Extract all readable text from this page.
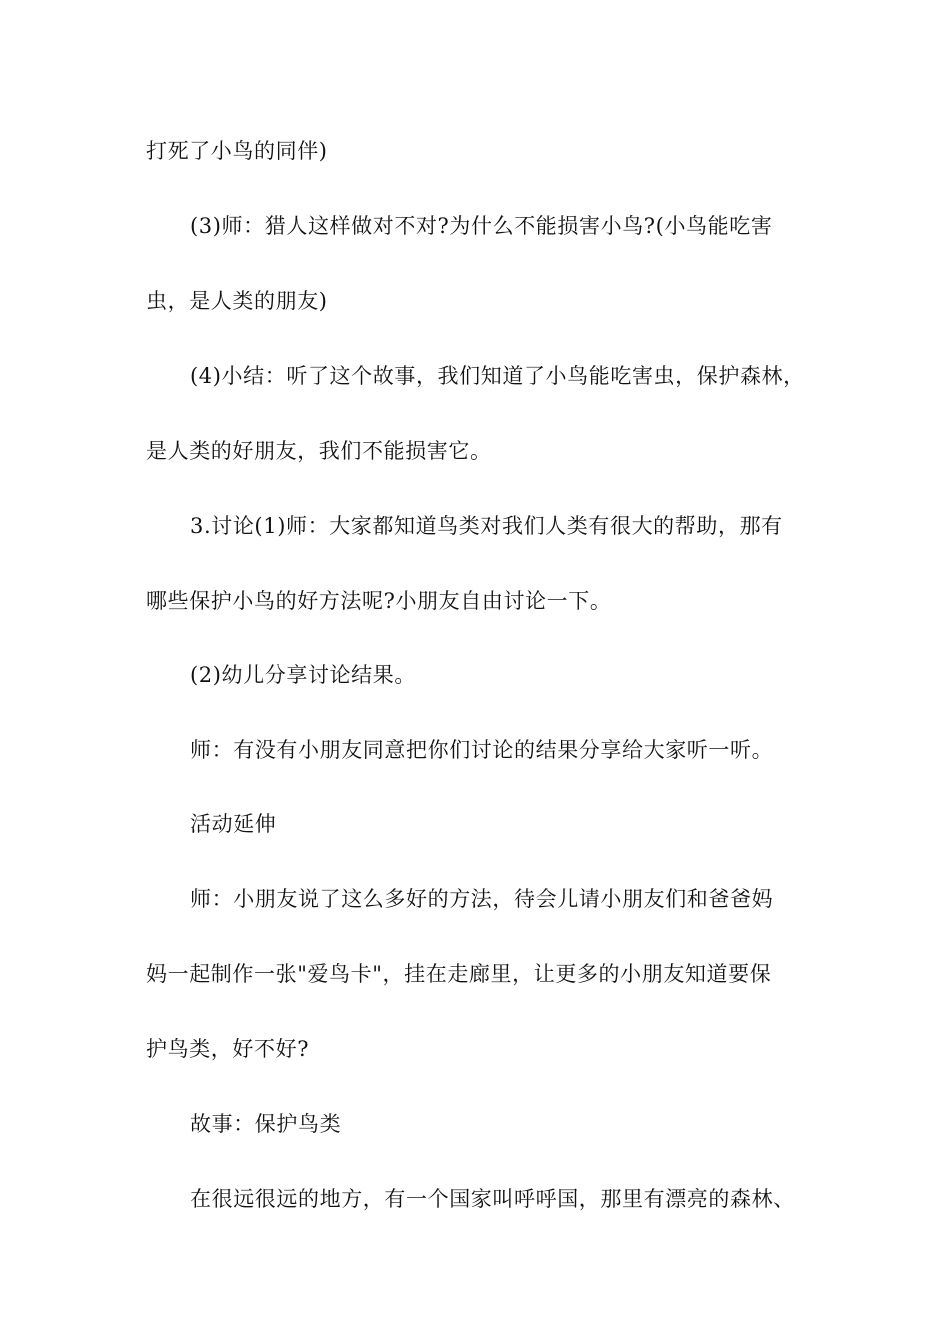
打死了小鸟的同伴)
(3)师：猎人这样做对不对?为什么不能损害小鸟?(小鸟能吃害
虫，是人类的朋友)
(4)小结：听了这个故事，我们知道了小鸟能吃害虫，保护森林，
是人类的好朋友，我们不能损害它。
3.讨论(1)师：大家都知道鸟类对我们人类有很大的帮助，那有
哪些保护小鸟的好方法呢?小朋友自由讨论一下。
(2)幼儿分享讨论结果。
师：有没有小朋友同意把你们讨论的结果分享给大家听一听。
活动延伸
师：小朋友说了这么多好的方法，待会儿请小朋友们和爸爸妈
妈一起制作一张"爱鸟卡"，挂在走廊里，让更多的小朋友知道要保
护鸟类，好不好?
故事：保护鸟类
在很远很远的地方，有一个国家叫呼呼国，那里有漂亮的森林、
